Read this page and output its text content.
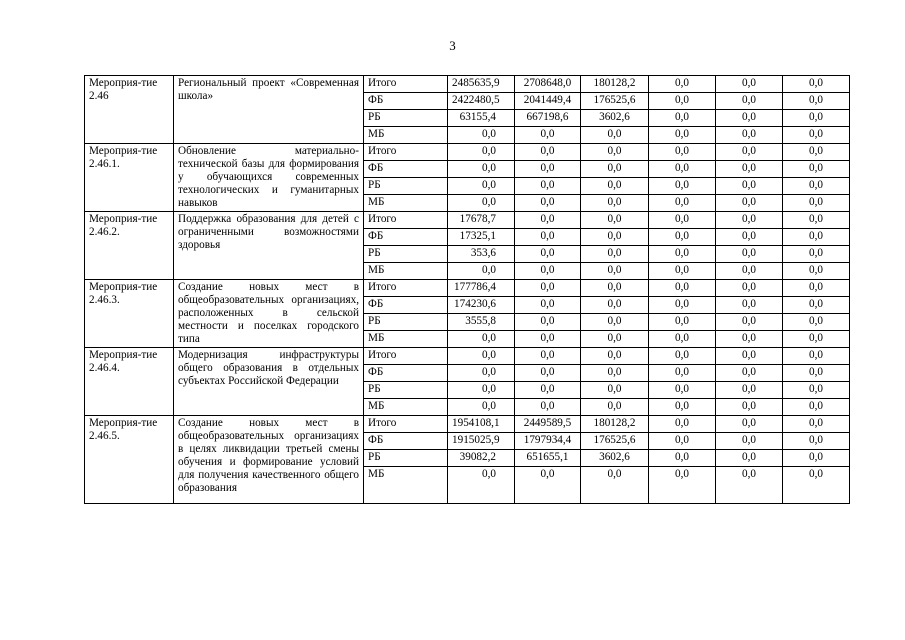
3
Мероприя-тие 2.46	Региональный проект «Современная школа»	Итого	2485635,9	2708648,0	180128,2	0,0	0,0	0,0
		ФБ	2422480,5	2041449,4	176525,6	0,0	0,0	0,0
		РБ	63155,4	667198,6	3602,6	0,0	0,0	0,0
		МБ	0,0	0,0	0,0	0,0	0,0	0,0
Мероприя-тие 2.46.1.	Обновление материально-технической базы для формирования у обучающихся современных технологических и гуманитарных навыков	Итого	0,0	0,0	0,0	0,0	0,0	0,0
		ФБ	0,0	0,0	0,0	0,0	0,0	0,0
		РБ	0,0	0,0	0,0	0,0	0,0	0,0
		МБ	0,0	0,0	0,0	0,0	0,0	0,0
Мероприя-тие 2.46.2.	Поддержка образования для детей с ограниченными возможностями здоровья	Итого	17678,7	0,0	0,0	0,0	0,0	0,0
		ФБ	17325,1	0,0	0,0	0,0	0,0	0,0
		РБ	353,6	0,0	0,0	0,0	0,0	0,0
		МБ	0,0	0,0	0,0	0,0	0,0	0,0
Мероприя-тие 2.46.3.	Создание новых мест в общеобразовательных организациях, расположенных в сельской местности и поселках городского типа	Итого	177786,4	0,0	0,0	0,0	0,0	0,0
		ФБ	174230,6	0,0	0,0	0,0	0,0	0,0
		РБ	3555,8	0,0	0,0	0,0	0,0	0,0
		МБ	0,0	0,0	0,0	0,0	0,0	0,0
Мероприя-тие 2.46.4.	Модернизация инфраструктуры общего образования в отдельных субъектах Российской Федерации	Итого	0,0	0,0	0,0	0,0	0,0	0,0
		ФБ	0,0	0,0	0,0	0,0	0,0	0,0
		РБ	0,0	0,0	0,0	0,0	0,0	0,0
		МБ	0,0	0,0	0,0	0,0	0,0	0,0
Мероприя-тие 2.46.5.	Создание новых мест в общеобразовательных организациях в целях ликвидации третьей смены обучения и формирование условий для получения качественного общего образования	Итого	1954108,1	2449589,5	180128,2	0,0	0,0	0,0
		ФБ	1915025,9	1797934,4	176525,6	0,0	0,0	0,0
		РБ	39082,2	651655,1	3602,6	0,0	0,0	0,0
		МБ	0,0	0,0	0,0	0,0	0,0	0,0
